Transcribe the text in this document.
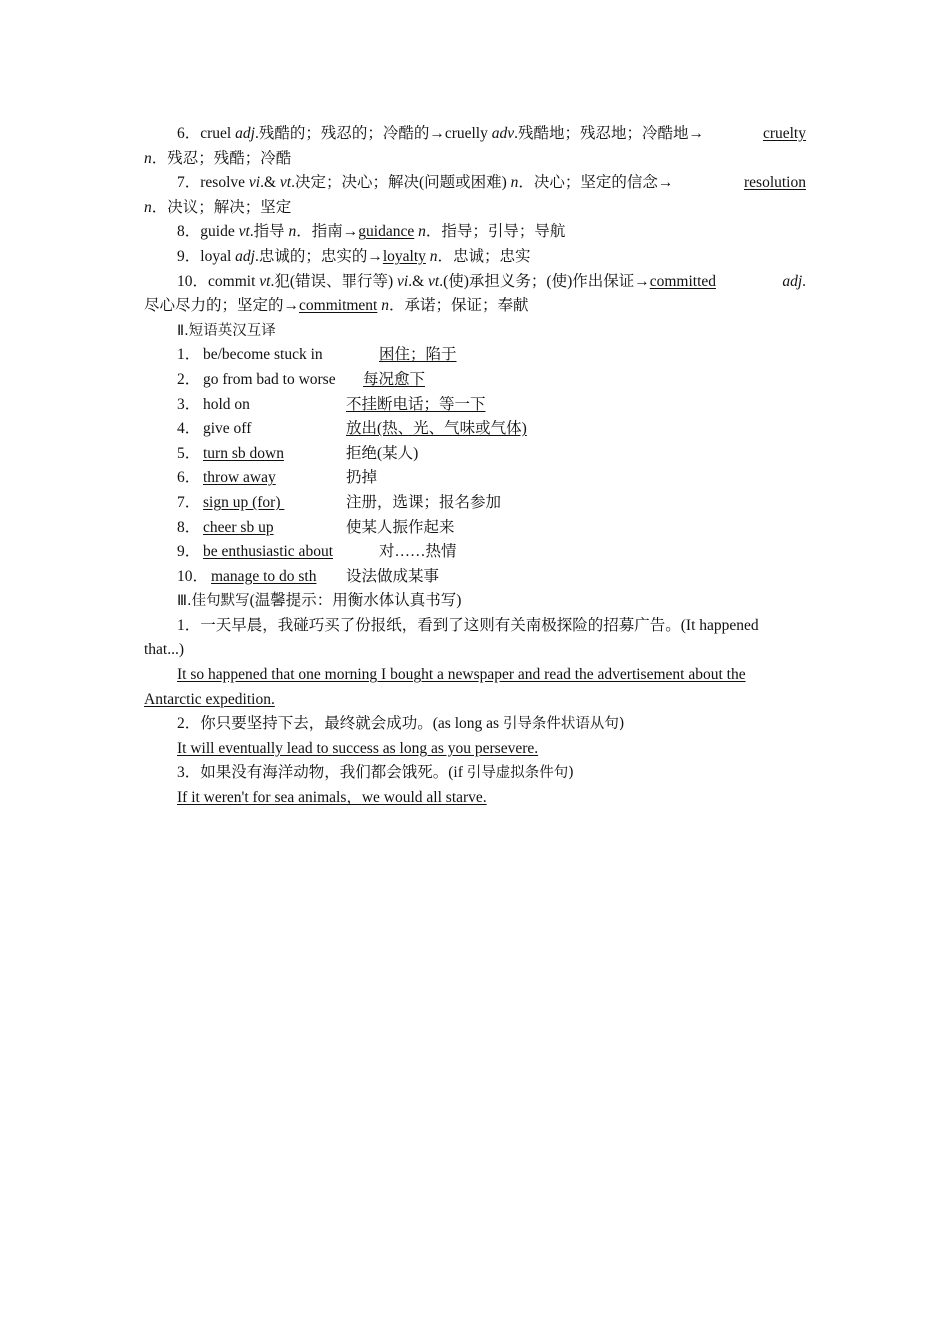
6．cruel adj.残酷的；残忍的；冷酷的→cruelly adv.残酷地；残忍地；冷酷地→	cruelty
n．残忍；残酷；冷酷
7．resolve vi.& vt.决定；决心；解决(问题或困难) n．决心；坚定的信念→	resolution
n．决议；解决；坚定
8．guide vt.指导 n．指南→guidance n．指导；引导；导航
9．loyal adj.忠诚的；忠实的→loyalty n．忠诚；忠实
10．commit vt.犯(错误、罪行等) vi.& vt.(使)承担义务；(使)作出保证→committed	adj.
尽心尽力的；坚定的→commitment n．承诺；保证；奉献
Ⅱ.短语英汉互译
1． be/become stuck in	困住；陷于
2． go from bad to worse 每况愈下
3． hold on	不挂断电话；等一下
4． give off	放出(热、光、气味或气体)
5． turn sb down	拒绝(某人)
6． throw away	扔掉
7． sign up (for)	注册，选课；报名参加
8． cheer sb up	使某人振作起来
9． be enthusiastic about	对……热情
10． manage to do sth 设法做成某事
Ⅲ.佳句默写(温馨提示：用衡水体认真书写)
1．一天早晨，我碰巧买了份报纸，看到了这则有关南极探险的招募广告。(It happened
that...)
It so happened that one morning I bought a newspaper and read the advertisement about the
Antarctic expedition.
2．你只要坚持下去，最终就会成功。(as long as 引导条件状语从句)
It will eventually lead to success as long as you persevere.
3．如果没有海洋动物，我们都会饿死。(if 引导虚拟条件句)
If it weren't for sea animals，we would all starve.
